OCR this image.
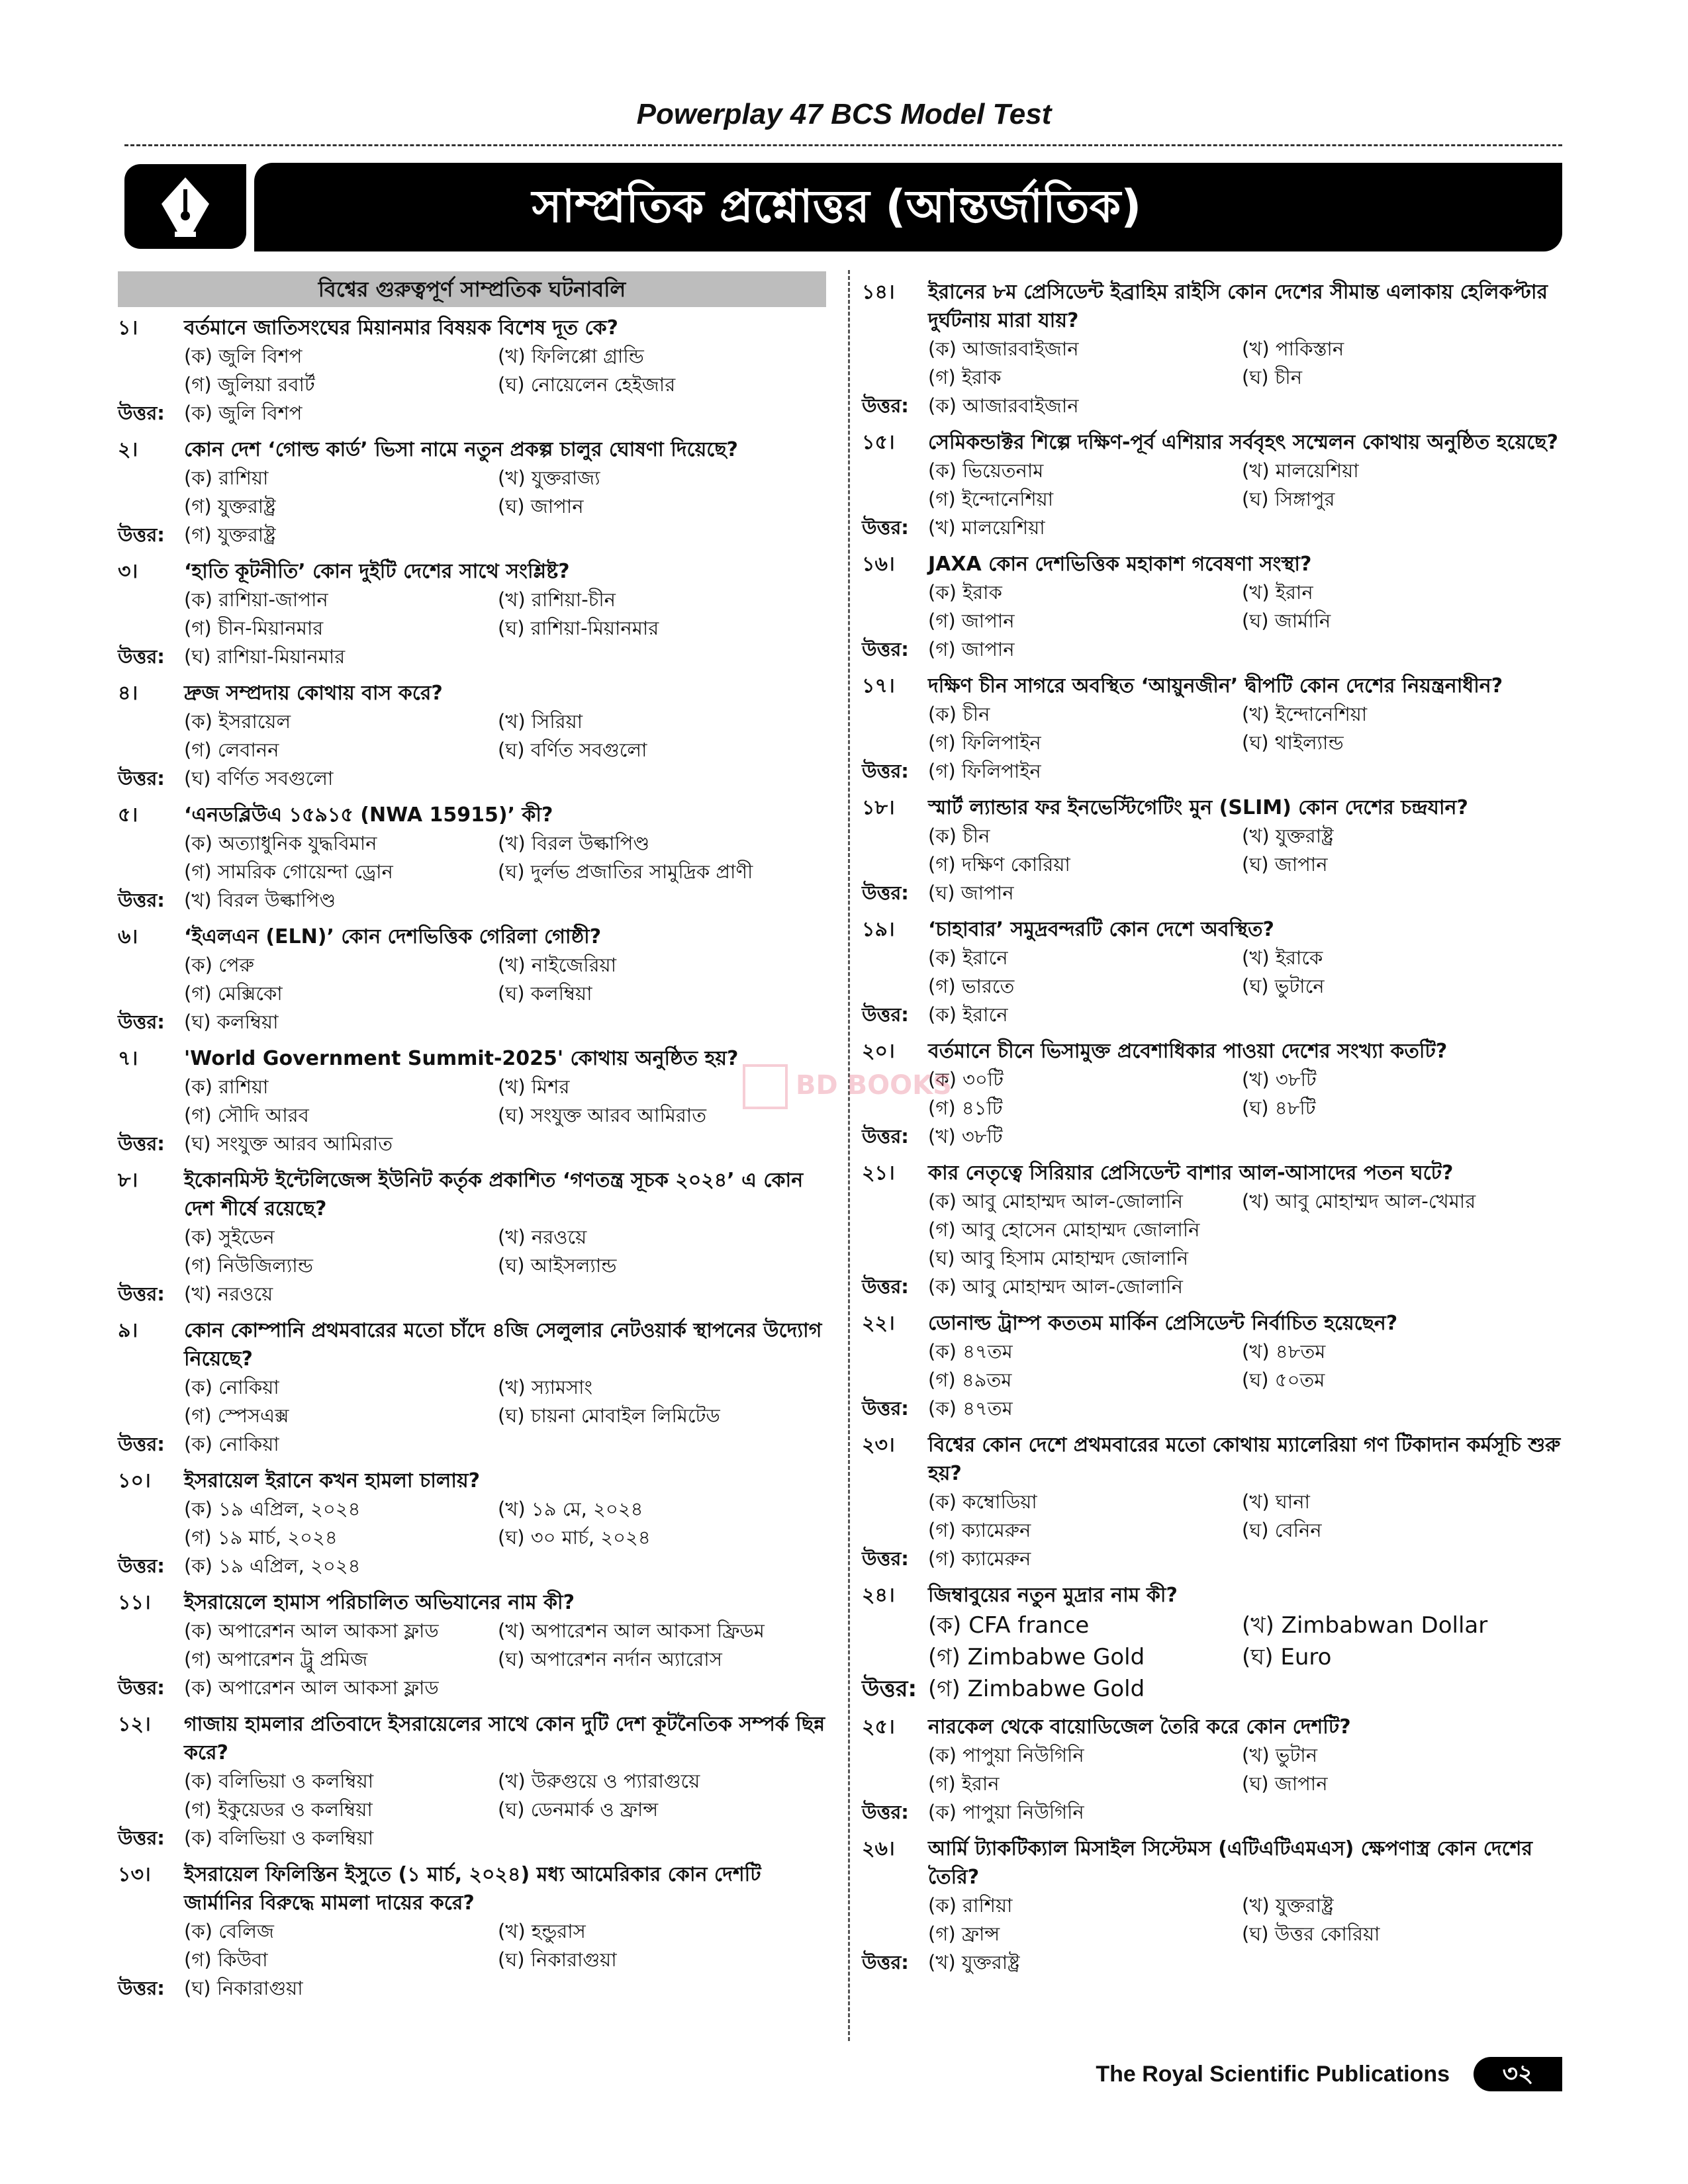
Powerplay 47 BCS Model Test
সাম্প্রতিক প্রশ্নোত্তর (আন্তর্জাতিক)
বিশ্বের গুরুত্বপূর্ণ সাম্প্রতিক ঘটনাবলি
১।	বর্তমানে জাতিসংঘের মিয়ানমার বিষয়ক বিশেষ দূত কে?
(ক) জুলি বিশপ	(খ) ফিলিপ্পো গ্রান্ডি
(গ) জুলিয়া রবার্ট	(ঘ) নোয়েলেন হেইজার
উত্তর:	(ক) জুলি বিশপ
২।	কোন দেশ ‘গোল্ড কার্ড’ ভিসা নামে নতুন প্রকল্প চালুর ঘোষণা দিয়েছে?
(ক) রাশিয়া	(খ) যুক্তরাজ্য
(গ) যুক্তরাষ্ট্র	(ঘ) জাপান
উত্তর:	(গ) যুক্তরাষ্ট্র
৩।	‘হাতি কূটনীতি’ কোন দুইটি দেশের সাথে সংশ্লিষ্ট?
(ক) রাশিয়া-জাপান	(খ) রাশিয়া-চীন
(গ) চীন-মিয়ানমার	(ঘ) রাশিয়া-মিয়ানমার
উত্তর:	(ঘ) রাশিয়া-মিয়ানমার
৪।	দ্রুজ সম্প্রদায় কোথায় বাস করে?
(ক) ইসরায়েল	(খ) সিরিয়া
(গ) লেবানন	(ঘ) বর্ণিত সবগুলো
উত্তর:	(ঘ) বর্ণিত সবগুলো
৫।	‘এনডব্লিউএ ১৫৯১৫ (NWA 15915)’ কী?
(ক) অত্যাধুনিক যুদ্ধবিমান	(খ) বিরল উল্কাপিণ্ড
(গ) সামরিক গোয়েন্দা ড্রোন	(ঘ) দুর্লভ প্রজাতির সামুদ্রিক প্রাণী
উত্তর:	(খ) বিরল উল্কাপিণ্ড
৬।	‘ইএলএন (ELN)’ কোন দেশভিত্তিক গেরিলা গোষ্ঠী?
(ক) পেরু	(খ) নাইজেরিয়া
(গ) মেক্সিকো	(ঘ) কলম্বিয়া
উত্তর:	(ঘ) কলম্বিয়া
৭।	'World Government Summit-2025' কোথায় অনুষ্ঠিত হয়?
(ক) রাশিয়া	(খ) মিশর
(গ) সৌদি আরব	(ঘ) সংযুক্ত আরব আমিরাত
উত্তর:	(ঘ) সংযুক্ত আরব আমিরাত
৮।	ইকোনমিস্ট ইন্টেলিজেন্স ইউনিট কর্তৃক প্রকাশিত ‘গণতন্ত্র সূচক ২০২৪’ এ কোন দেশ শীর্ষে রয়েছে?
(ক) সুইডেন	(খ) নরওয়ে
(গ) নিউজিল্যান্ড	(ঘ) আইসল্যান্ড
উত্তর:	(খ) নরওয়ে
৯।	কোন কোম্পানি প্রথমবারের মতো চাঁদে ৪জি সেলুলার নেটওয়ার্ক স্থাপনের উদ্যোগ নিয়েছে?
(ক) নোকিয়া	(খ) স্যামসাং
(গ) স্পেসএক্স	(ঘ) চায়না মোবাইল লিমিটেড
উত্তর:	(ক) নোকিয়া
১০।	ইসরায়েল ইরানে কখন হামলা চালায়?
(ক) ১৯ এপ্রিল, ২০২৪	(খ) ১৯ মে, ২০২৪
(গ) ১৯ মার্চ, ২০২৪	(ঘ) ৩০ মার্চ, ২০২৪
উত্তর:	(ক) ১৯ এপ্রিল, ২০২৪
১১।	ইসরায়েলে হামাস পরিচালিত অভিযানের নাম কী?
(ক) অপারেশন আল আকসা ফ্লাড	(খ) অপারেশন আল আকসা ফ্রিডম
(গ) অপারেশন ট্রু প্রমিজ	(ঘ) অপারেশন নর্দান অ্যারোস
উত্তর:	(ক) অপারেশন আল আকসা ফ্লাড
১২।	গাজায় হামলার প্রতিবাদে ইসরায়েলের সাথে কোন দুটি দেশ কূটনৈতিক সম্পর্ক ছিন্ন করে?
(ক) বলিভিয়া ও কলম্বিয়া	(খ) উরুগুয়ে ও প্যারাগুয়ে
(গ) ইকুয়েডর ও কলম্বিয়া	(ঘ) ডেনমার্ক ও ফ্রান্স
উত্তর:	(ক) বলিভিয়া ও কলম্বিয়া
১৩।	ইসরায়েল ফিলিস্তিন ইসুতে (১ মার্চ, ২০২৪) মধ্য আমেরিকার কোন দেশটি জার্মানির বিরুদ্ধে মামলা দায়ের করে?
(ক) বেলিজ	(খ) হন্ডুরাস
(গ) কিউবা	(ঘ) নিকারাগুয়া
উত্তর:	(ঘ) নিকারাগুয়া
১৪।	ইরানের ৮ম প্রেসিডেন্ট ইব্রাহিম রাইসি কোন দেশের সীমান্ত এলাকায় হেলিকপ্টার দুর্ঘটনায় মারা যায়?
(ক) আজারবাইজান	(খ) পাকিস্তান
(গ) ইরাক	(ঘ) চীন
উত্তর:	(ক) আজারবাইজান
১৫।	সেমিকন্ডাক্টর শিল্পে দক্ষিণ-পূর্ব এশিয়ার সর্ববৃহৎ সম্মেলন কোথায় অনুষ্ঠিত হয়েছে?
(ক) ভিয়েতনাম	(খ) মালয়েশিয়া
(গ) ইন্দোনেশিয়া	(ঘ) সিঙ্গাপুর
উত্তর:	(খ) মালয়েশিয়া
১৬।	JAXA কোন দেশভিত্তিক মহাকাশ গবেষণা সংস্থা?
(ক) ইরাক	(খ) ইরান
(গ) জাপান	(ঘ) জার্মানি
উত্তর:	(গ) জাপান
১৭।	দক্ষিণ চীন সাগরে অবস্থিত ‘আয়ুনজীন’ দ্বীপটি কোন দেশের নিয়ন্ত্রনাধীন?
(ক) চীন	(খ) ইন্দোনেশিয়া
(গ) ফিলিপাইন	(ঘ) থাইল্যান্ড
উত্তর:	(গ) ফিলিপাইন
১৮।	স্মার্ট ল্যান্ডার ফর ইনভেস্টিগেটিং মুন (SLIM) কোন দেশের চন্দ্রযান?
(ক) চীন	(খ) যুক্তরাষ্ট্র
(গ) দক্ষিণ কোরিয়া	(ঘ) জাপান
উত্তর:	(ঘ) জাপান
১৯।	‘চাহাবার’ সমুদ্রবন্দরটি কোন দেশে অবস্থিত?
(ক) ইরানে	(খ) ইরাকে
(গ) ভারতে	(ঘ) ভুটানে
উত্তর:	(ক) ইরানে
২০।	বর্তমানে চীনে ভিসামুক্ত প্রবেশাধিকার পাওয়া দেশের সংখ্যা কতটি?
(ক) ৩০টি	(খ) ৩৮টি
(গ) ৪১টি	(ঘ) ৪৮টি
উত্তর:	(খ) ৩৮টি
২১।	কার নেতৃত্বে সিরিয়ার প্রেসিডেন্ট বাশার আল-আসাদের পতন ঘটে?
(ক) আবু মোহাম্মদ আল-জোলানি	(খ) আবু মোহাম্মদ আল-খেমার
(গ) আবু হোসেন মোহাম্মদ জোলানি
(ঘ) আবু হিসাম মোহাম্মদ জোলানি
উত্তর:	(ক) আবু মোহাম্মদ আল-জোলানি
২২।	ডোনাল্ড ট্রাম্প কততম মার্কিন প্রেসিডেন্ট নির্বাচিত হয়েছেন?
(ক) ৪৭তম	(খ) ৪৮তম
(গ) ৪৯তম	(ঘ) ৫০তম
উত্তর:	(ক) ৪৭তম
২৩।	বিশ্বের কোন দেশে প্রথমবারের মতো কোথায় ম্যালেরিয়া গণ টিকাদান কর্মসূচি শুরু হয়?
(ক) কম্বোডিয়া	(খ) ঘানা
(গ) ক্যামেরুন	(ঘ) বেনিন
উত্তর:	(গ) ক্যামেরুন
২৪।	জিম্বাবুয়ের নতুন মুদ্রার নাম কী?
(ক) CFA france	(খ) Zimbabwan Dollar
(গ) Zimbabwe Gold	(ঘ) Euro
উত্তর: (গ) Zimbabwe Gold
২৫।	নারকেল থেকে বায়োডিজেল তৈরি করে কোন দেশটি?
(ক) পাপুয়া নিউগিনি	(খ) ভুটান
(গ) ইরান	(ঘ) জাপান
উত্তর:	(ক) পাপুয়া নিউগিনি
২৬।	আর্মি ট্যাকটিক্যাল মিসাইল সিস্টেমস (এটিএটিএমএস) ক্ষেপণাস্ত্র কোন দেশের তৈরি?
(ক) রাশিয়া	(খ) যুক্তরাষ্ট্র
(গ) ফ্রান্স	(ঘ) উত্তর কোরিয়া
উত্তর:	(খ) যুক্তরাষ্ট্র
BD BOOKS
The Royal Scientific Publications	৩২
